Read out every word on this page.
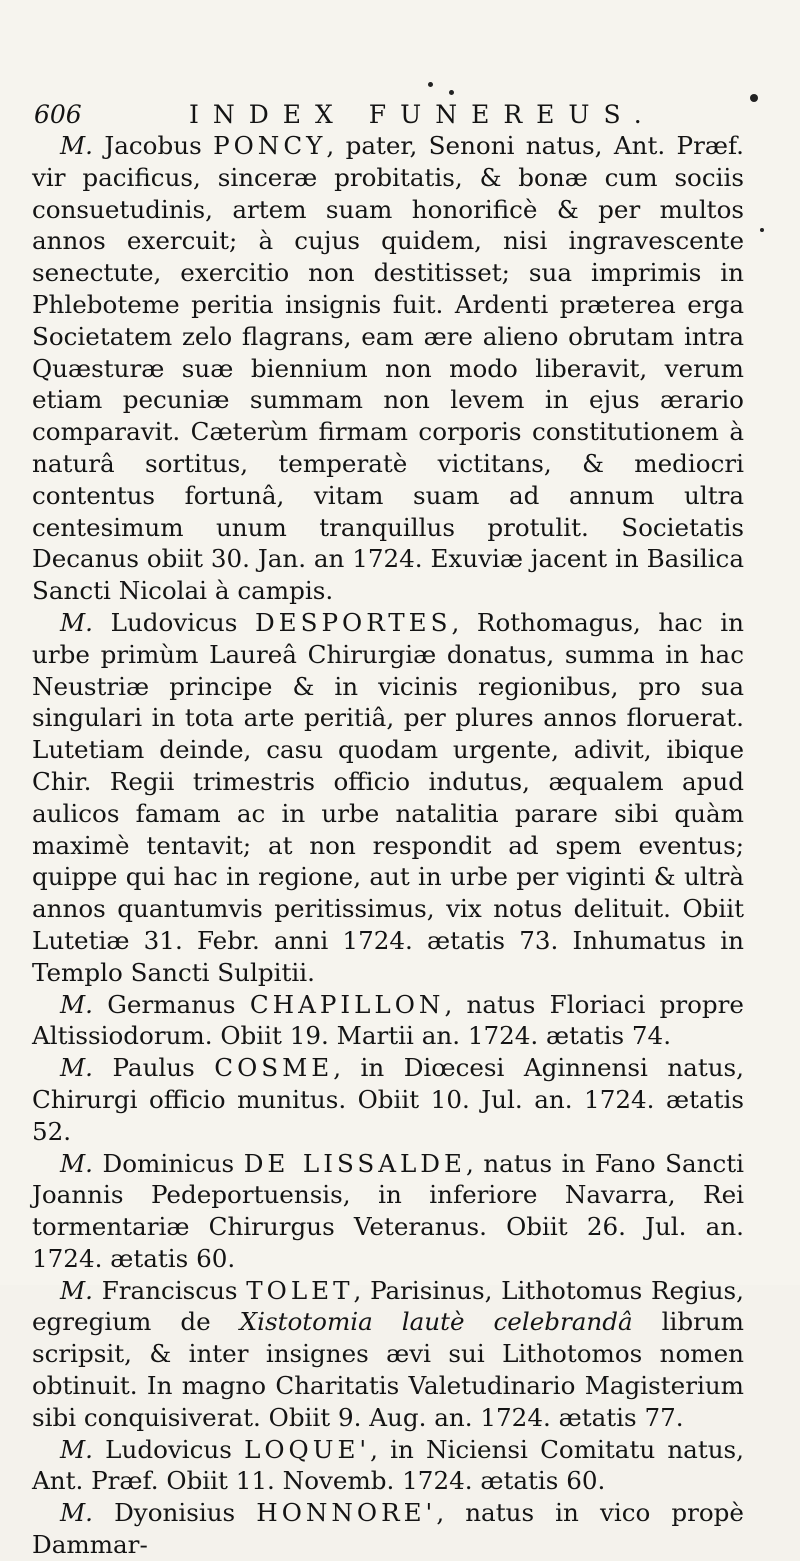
606	INDEX FUNEREUS.

M. Jacobus PONCY, pater, Senoni natus, Ant. Præf. vir pacificus, sinceræ probitatis, & bonæ cum sociis consuetudinis, artem suam honorificè & per multos annos exercuit; à cujus quidem, nisi ingravescente senectute, exercitio non destitisset; sua imprimis in Phleboteme peritia insignis fuit. Ardenti præterea erga Societatem zelo flagrans, eam ære alieno obrutam intra Quæsturæ suæ biennium non modo liberavit, verum etiam pecuniæ summam non levem in ejus ærario comparavit. Cæterùm firmam corporis constitutionem à naturâ sortitus, temperatè victitans, & mediocri contentus fortunâ, vitam suam ad annum ultra centesimum unum tranquillus protulit. Societatis Decanus obiit 30. Jan. an 1724. Exuviæ jacent in Basilica Sancti Nicolai à campis.

M. Ludovicus DESPORTES, Rothomagus, hac in urbe primùm Laureâ Chirurgiæ donatus, summa in hac Neustriæ principe & in vicinis regionibus, pro sua singulari in tota arte peritiâ, per plures annos floruerat. Lutetiam deinde, casu quodam urgente, adivit, ibique Chir. Regii trimestris officio indutus, æqualem apud aulicos famam ac in urbe natalitia parare sibi quàm maximè tentavit; at non respondit ad spem eventus; quippe qui hac in regione, aut in urbe per viginti & ultrà annos quantumvis peritissimus, vix notus delituit. Obiit Lutetiæ 31. Febr. anni 1724. ætatis 73. Inhumatus in Templo Sancti Sulpitii.

M. Germanus CHAPILLON, natus Floriaci propre Altissiodorum. Obiit 19. Martii an. 1724. ætatis 74.

M. Paulus COSME, in Diœcesi Aginnensi natus, Chirurgi officio munitus. Obiit 10. Jul. an. 1724. ætatis 52.

M. Dominicus DE LISSALDE, natus in Fano Sancti Joannis Pedeportuensis, in inferiore Navarra, Rei tormentariæ Chirurgus Veteranus. Obiit 26. Jul. an. 1724. ætatis 60.

M. Franciscus TOLET, Parisinus, Lithotomus Regius, egregium de Xistotomia lautè celebrandâ librum scripsit, & inter insignes ævi sui Lithotomos nomen obtinuit. In magno Charitatis Valetudinario Magisterium sibi conquisiverat. Obiit 9. Aug. an. 1724. ætatis 77.

M. Ludovicus LOQUE', in Niciensi Comitatu natus, Ant. Præf. Obiit 11. Novemb. 1724. ætatis 60.

M. Dyonisius HONNORE', natus in vico propè Dammar-
